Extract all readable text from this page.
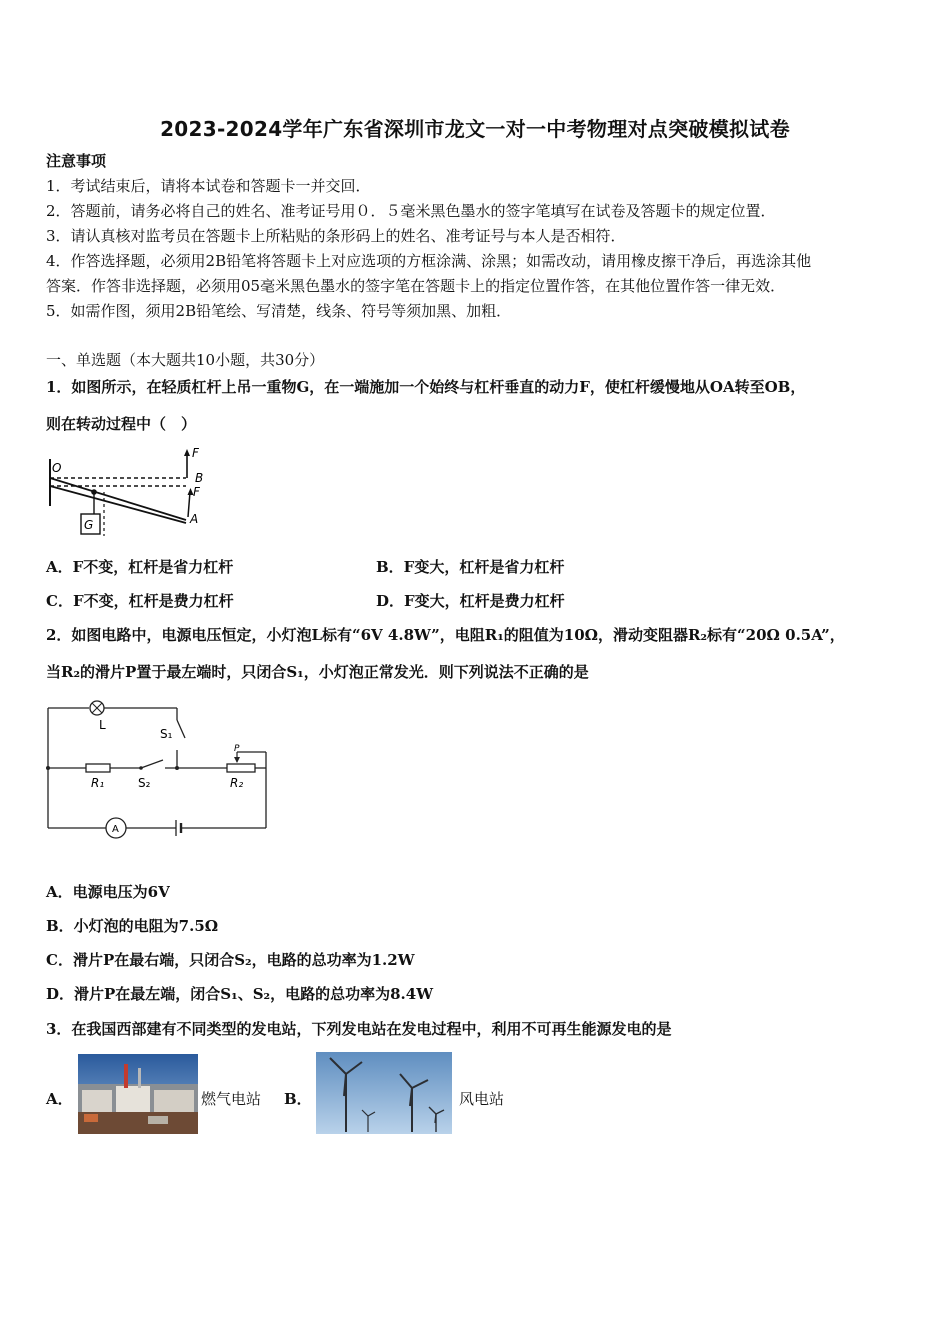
2023-2024学年广东省深圳市龙文一对一中考物理对点突破模拟试卷
注意事项
1．考试结束后，请将本试卷和答题卡一并交回．
2．答题前，请务必将自己的姓名、准考证号用０．５毫米黑色墨水的签字笔填写在试卷及答题卡的规定位置．
3．请认真核对监考员在答题卡上所粘贴的条形码上的姓名、准考证号与本人是否相符．
4．作答选择题，必须用2B铅笔将答题卡上对应选项的方框涂满、涂黑；如需改动，请用橡皮擦干净后，再选涂其他
答案．作答非选择题，必须用05毫米黑色墨水的签字笔在答题卡上的指定位置作答，在其他位置作答一律无效．
5．如需作图，须用2B铅笔绘、写清楚，线条、符号等须加黑、加粗．
一、单选题（本大题共10小题，共30分）
1．如图所示，在轻质杠杆上吊一重物G，在一端施加一个始终与杠杆垂直的动力F，使杠杆缓慢地从OA转至OB，
则在转动过程中（　）
O
B
A
F
F
G
A．F不变，杠杆是省力杠杆	B．F变大，杠杆是省力杠杆
C．F不变，杠杆是费力杠杆	D．F变大，杠杆是费力杠杆
2．如图电路中，电源电压恒定，小灯泡L标有“6V 4.8W”，电阻R₁的阻值为10Ω，滑动变阻器R₂标有“20Ω 0.5A”，
当R₂的滑片P置于最左端时，只闭合S₁，小灯泡正常发光．则下列说法不正确的是
L
S₁
S₂
R₁	R₂
P
A
A．电源电压为6V
B．小灯泡的电阻为7.5Ω
C．滑片P在最右端，只闭合S₂，电路的总功率为1.2W
D．滑片P在最左端，闭合S₁、S₂，电路的总功率为8.4W
3．在我国西部建有不同类型的发电站，下列发电站在发电过程中，利用不可再生能源发电的是
A．	燃气电站 B．	风电站
